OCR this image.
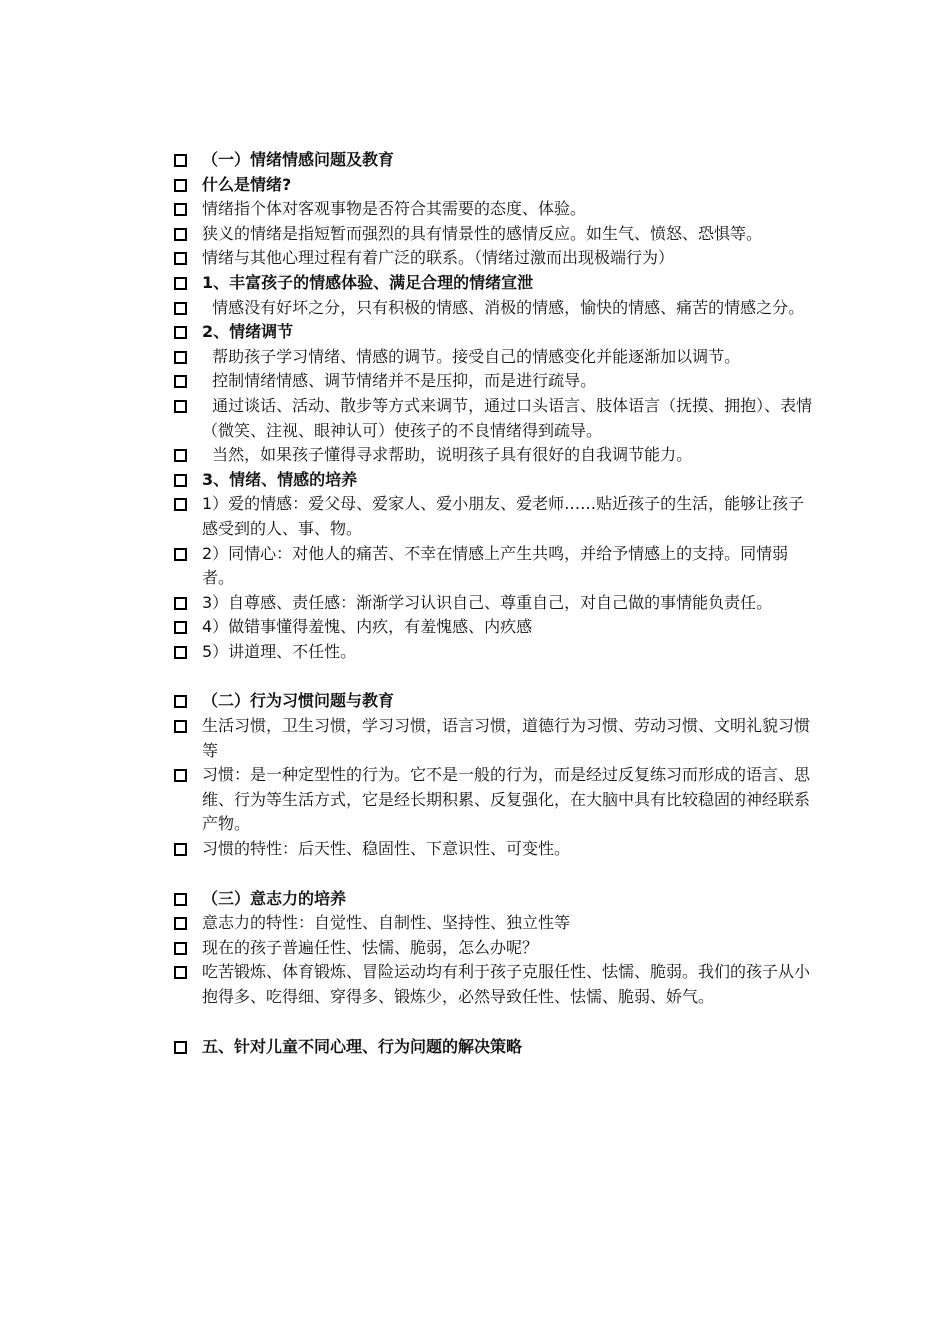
（一）情绪情感问题及教育
什么是情绪?
情绪指个体对客观事物是否符合其需要的态度、体验。
狭义的情绪是指短暂而强烈的具有情景性的感情反应。如生气、愤怒、恐惧等。
情绪与其他心理过程有着广泛的联系。（情绪过激而出现极端行为）
1、丰富孩子的情感体验、满足合理的情绪宣泄
情感没有好坏之分，只有积极的情感、消极的情感，愉快的情感、痛苦的情感之分。
2、情绪调节
帮助孩子学习情绪、情感的调节。接受自己的情感变化并能逐渐加以调节。
控制情绪情感、调节情绪并不是压抑，而是进行疏导。
通过谈话、活动、散步等方式来调节，通过口头语言、肢体语言（抚摸、拥抱）、表情（微笑、注视、眼神认可）使孩子的不良情绪得到疏导。
当然，如果孩子懂得寻求帮助，说明孩子具有很好的自我调节能力。
3、情绪、情感的培养
1）爱的情感：爱父母、爱家人、爱小朋友、爱老师……贴近孩子的生活，能够让孩子感受到的人、事、物。
2）同情心：对他人的痛苦、不幸在情感上产生共鸣，并给予情感上的支持。同情弱者。
3）自尊感、责任感：渐渐学习认识自己、尊重自己，对自己做的事情能负责任。
4）做错事懂得羞愧、内疚，有羞愧感、内疚感
5）讲道理、不任性。
（二）行为习惯问题与教育
生活习惯，卫生习惯，学习习惯，语言习惯，道德行为习惯、劳动习惯、文明礼貌习惯等
习惯：是一种定型性的行为。它不是一般的行为，而是经过反复练习而形成的语言、思维、行为等生活方式，它是经长期积累、反复强化，在大脑中具有比较稳固的神经联系产物。
习惯的特性：后天性、稳固性、下意识性、可变性。
（三）意志力的培养
意志力的特性：自觉性、自制性、坚持性、独立性等
现在的孩子普遍任性、怯懦、脆弱，怎么办呢？
吃苦锻炼、体育锻炼、冒险运动均有利于孩子克服任性、怯懦、脆弱。我们的孩子从小抱得多、吃得细、穿得多、锻炼少，必然导致任性、怯懦、脆弱、娇气。
五、针对儿童不同心理、行为问题的解决策略
